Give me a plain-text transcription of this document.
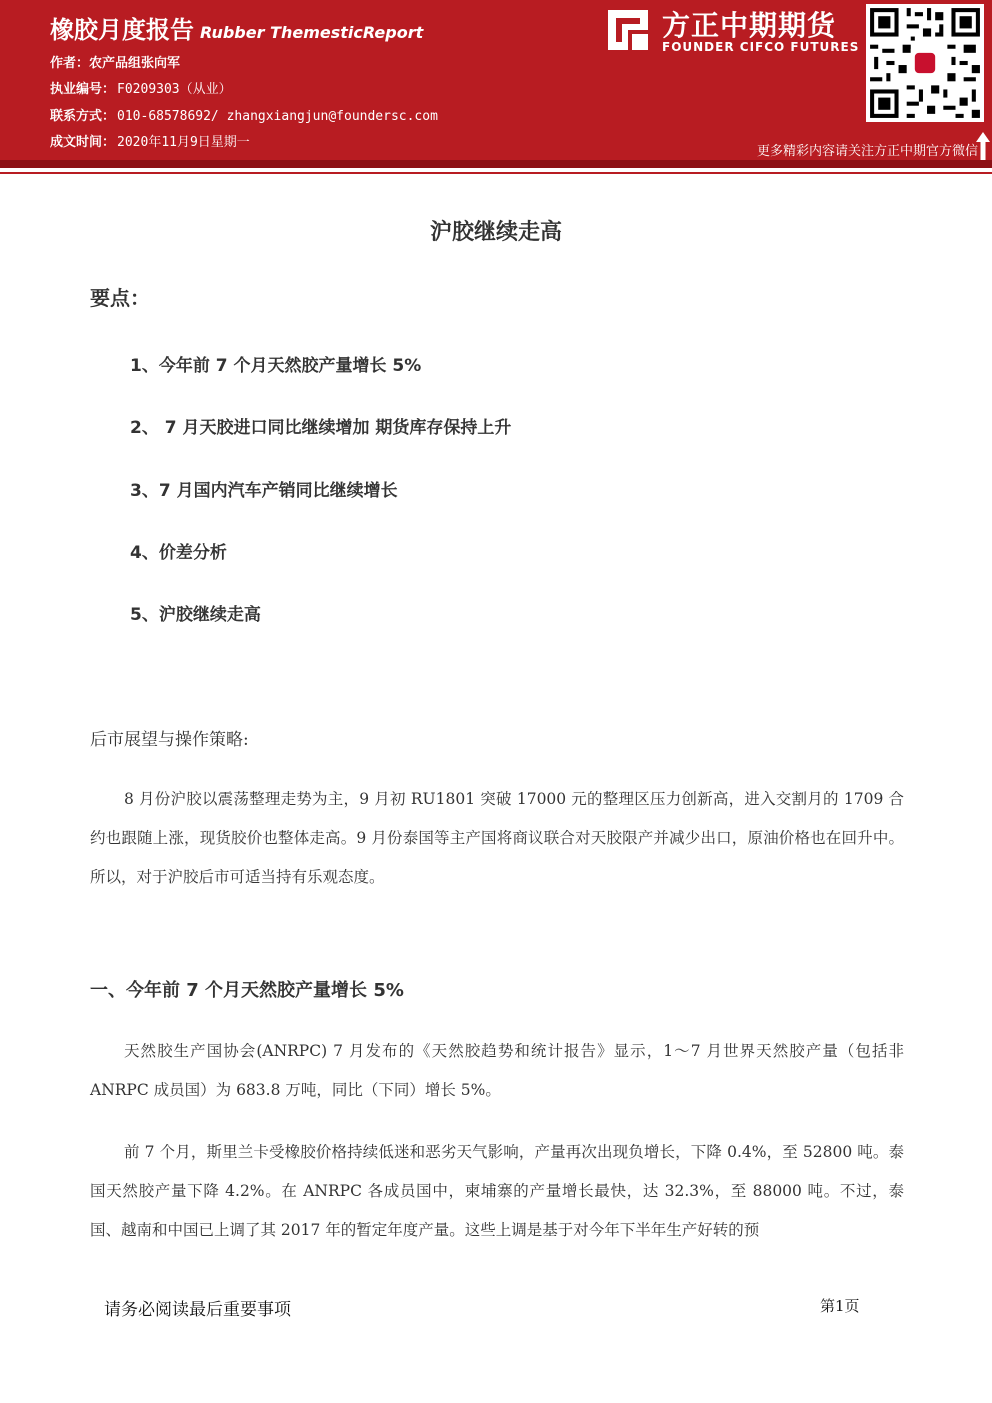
橡胶月度报告 Rubber ThemesticReport
作者：农产品组张向军
执业编号： F0209303（从业）
联系方式： 010-68578692/ zhangxiangjun@foundersc.com
成文时间： 2020年11月9日星期一
方正中期期货
FOUNDER CIFCO FUTURES
更多精彩内容请关注方正中期官方微信
沪胶继续走高
要点：
1、今年前 7 个月天然胶产量增长 5%
2、 7 月天胶进口同比继续增加 期货库存保持上升
3、7 月国内汽车产销同比继续增长
4、价差分析
5、沪胶继续走高
后市展望与操作策略:
8 月份沪胶以震荡整理走势为主，9 月初 RU1801 突破 17000 元的整理区压力创新高，进入交割月的 1709 合约也跟随上涨，现货胶价也整体走高。9 月份泰国等主产国将商议联合对天胶限产并减少出口，原油价格也在回升中。所以，对于沪胶后市可适当持有乐观态度。
一、今年前 7 个月天然胶产量增长 5%
天然胶生产国协会(ANRPC) 7 月发布的《天然胶趋势和统计报告》显示，1～7 月世界天然胶产量（包括非 ANRPC 成员国）为 683.8 万吨，同比（下同）增长 5%。
前 7 个月，斯里兰卡受橡胶价格持续低迷和恶劣天气影响，产量再次出现负增长，下降 0.4%，至 52800 吨。泰国天然胶产量下降 4.2%。在 ANRPC 各成员国中，柬埔寨的产量增长最快，达 32.3%，至 88000 吨。不过，泰国、越南和中国已上调了其 2017 年的暂定年度产量。这些上调是基于对今年下半年生产好转的预
请务必阅读最后重要事项	第1页
